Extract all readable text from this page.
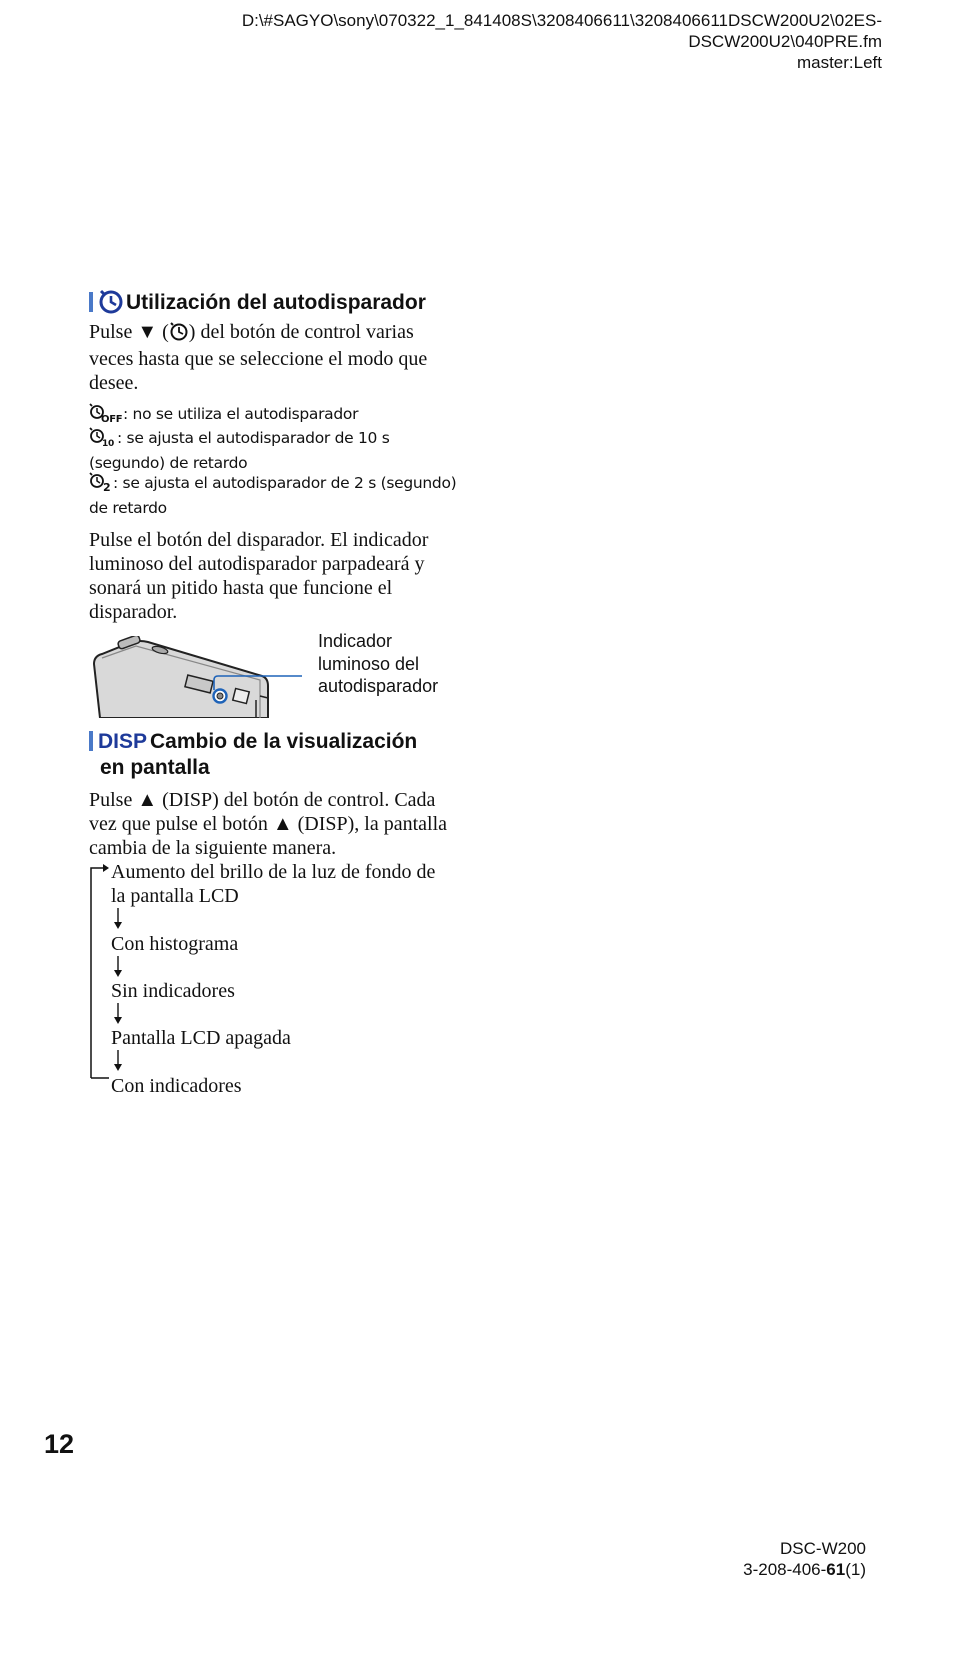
D:\#SAGYO\sony\070322_1_841408S\3208406611\3208406611DSCW200U2\02ES-
DSCW200U2\040PRE.fm
master:Left
Utilización del autodisparador
Pulse ▼ ( ) del botón de control varias veces hasta que se seleccione el modo que desee.
OFF : no se utiliza el autodisparador
10 : se ajusta el autodisparador de 10 s (segundo) de retardo
2 : se ajusta el autodisparador de 2 s (segundo) de retardo
Pulse el botón del disparador. El indicador luminoso del autodisparador parpadeará y sonará un pitido hasta que funcione el disparador.
Indicador luminoso del autodisparador
DISP Cambio de la visualización
en pantalla
Pulse ▲ (DISP) del botón de control. Cada vez que pulse el botón ▲ (DISP), la pantalla cambia de la siguiente manera.
Aumento del brillo de la luz de fondo de la pantalla LCD
Con histograma
Sin indicadores
Pantalla LCD apagada
Con indicadores
12
DSC-W200
3-208-406-61(1)
